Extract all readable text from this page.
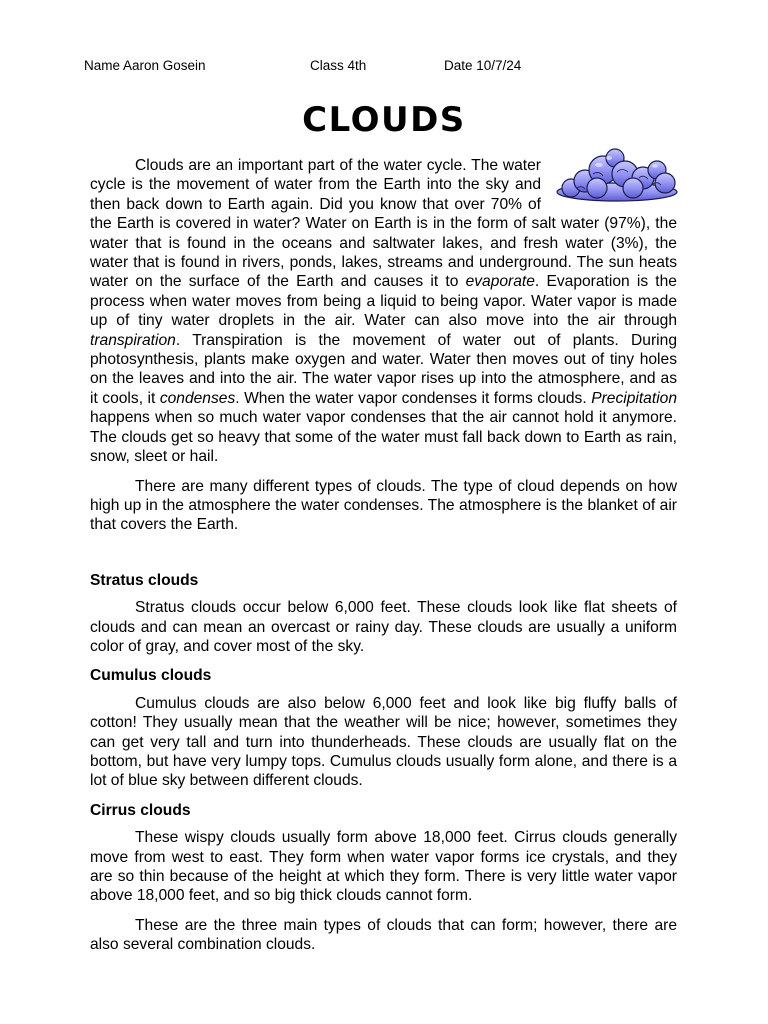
Name Aaron Gosein	Class 4th	Date 10/7/24
CLOUDS

Clouds are an important part of the water cycle. The water cycle is the movement of water from the Earth into the sky and then back down to Earth again. Did you know that over 70% of the Earth is covered in water? Water on Earth is in the form of salt water (97%), the water that is found in the oceans and saltwater lakes, and fresh water (3%), the water that is found in rivers, ponds, lakes, streams and underground. The sun heats water on the surface of the Earth and causes it to evaporate. Evaporation is the process when water moves from being a liquid to being vapor. Water vapor is made up of tiny water droplets in the air. Water can also move into the air through transpiration. Transpiration is the movement of water out of plants. During photosynthesis, plants make oxygen and water. Water then moves out of tiny holes on the leaves and into the air. The water vapor rises up into the atmosphere, and as it cools, it condenses. When the water vapor condenses it forms clouds. Precipitation happens when so much water vapor condenses that the air cannot hold it anymore. The clouds get so heavy that some of the water must fall back down to Earth as rain, snow, sleet or hail.

There are many different types of clouds. The type of cloud depends on how high up in the atmosphere the water condenses. The atmosphere is the blanket of air that covers the Earth.

Stratus clouds

Stratus clouds occur below 6,000 feet. These clouds look like flat sheets of clouds and can mean an overcast or rainy day. These clouds are usually a uniform color of gray, and cover most of the sky.

Cumulus clouds

Cumulus clouds are also below 6,000 feet and look like big fluffy balls of cotton! They usually mean that the weather will be nice; however, sometimes they can get very tall and turn into thunderheads. These clouds are usually flat on the bottom, but have very lumpy tops. Cumulus clouds usually form alone, and there is a lot of blue sky between different clouds.

Cirrus clouds

These wispy clouds usually form above 18,000 feet. Cirrus clouds generally move from west to east. They form when water vapor forms ice crystals, and they are so thin because of the height at which they form. There is very little water vapor above 18,000 feet, and so big thick clouds cannot form.

These are the three main types of clouds that can form; however, there are also several combination clouds.
